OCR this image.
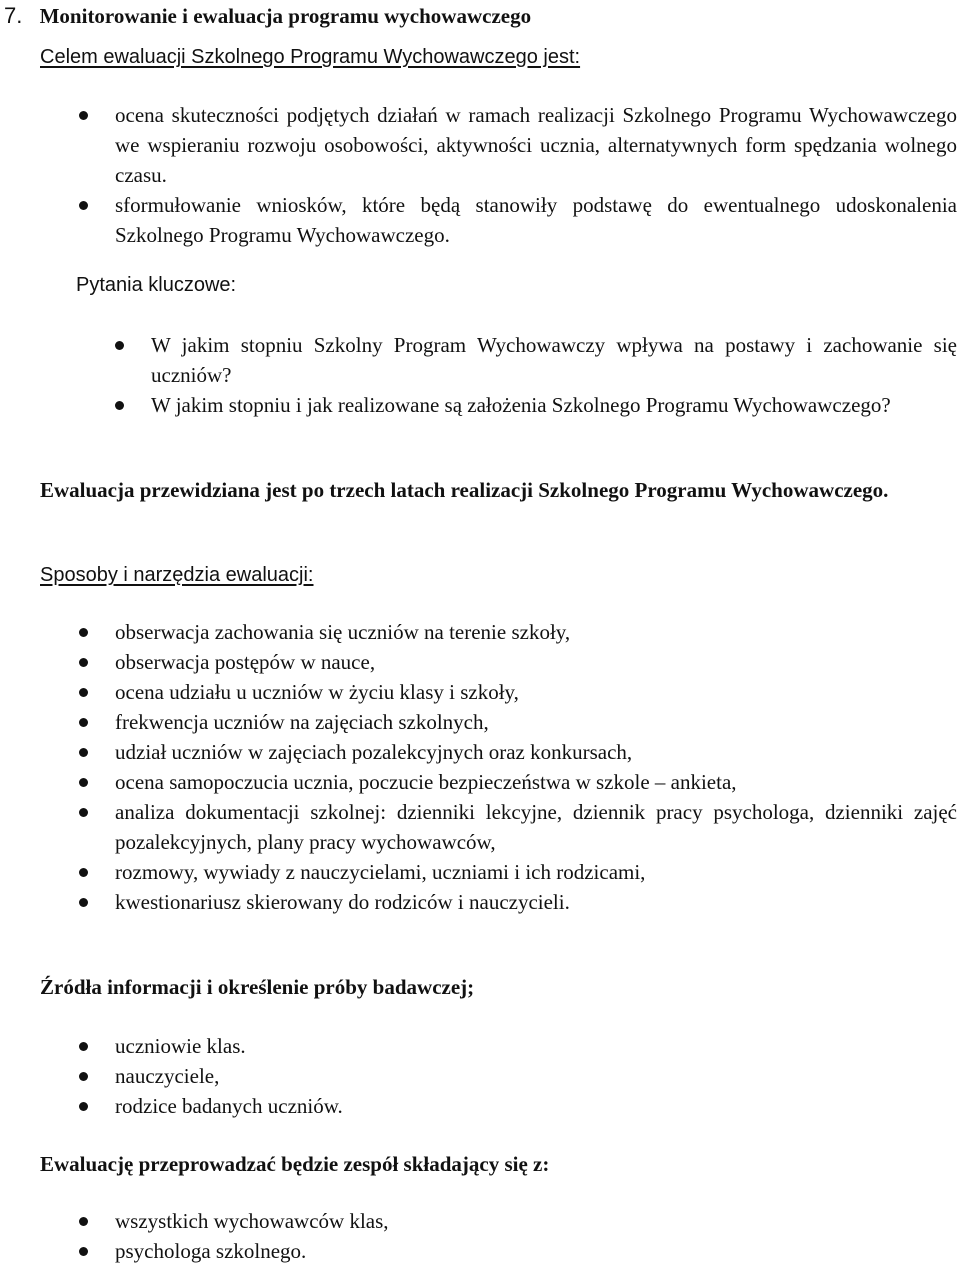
7. Monitorowanie i ewaluacja programu wychowawczego
Celem ewaluacji Szkolnego Programu Wychowawczego jest:
ocena skuteczności podjętych działań w ramach realizacji Szkolnego Programu Wychowawczego we wspieraniu rozwoju osobowości, aktywności ucznia, alternatywnych form spędzania wolnego czasu.
sformułowanie wniosków, które będą stanowiły podstawę do ewentualnego udoskonalenia Szkolnego Programu Wychowawczego.
Pytania kluczowe:
W jakim stopniu Szkolny Program Wychowawczy wpływa na postawy i zachowanie się uczniów?
W jakim stopniu i jak realizowane są założenia Szkolnego Programu Wychowawczego?
Ewaluacja przewidziana jest po trzech latach realizacji Szkolnego Programu Wychowawczego.
Sposoby i narzędzia ewaluacji:
obserwacja zachowania się uczniów na terenie szkoły,
obserwacja postępów w nauce,
ocena udziału u uczniów w życiu klasy i szkoły,
frekwencja uczniów na zajęciach szkolnych,
udział uczniów w zajęciach pozalekcyjnych oraz konkursach,
ocena samopoczucia ucznia, poczucie bezpieczeństwa w szkole – ankieta,
analiza dokumentacji szkolnej: dzienniki lekcyjne, dziennik pracy psychologa, dzienniki zajęć pozalekcyjnych, plany pracy wychowawców,
rozmowy, wywiady z nauczycielami, uczniami i ich rodzicami,
kwestionariusz skierowany do rodziców i nauczycieli.
Źródła informacji i określenie próby badawczej;
uczniowie klas.
nauczyciele,
rodzice badanych uczniów.
Ewaluację przeprowadzać będzie zespół składający się z:
wszystkich wychowawców klas,
psychologa szkolnego.
